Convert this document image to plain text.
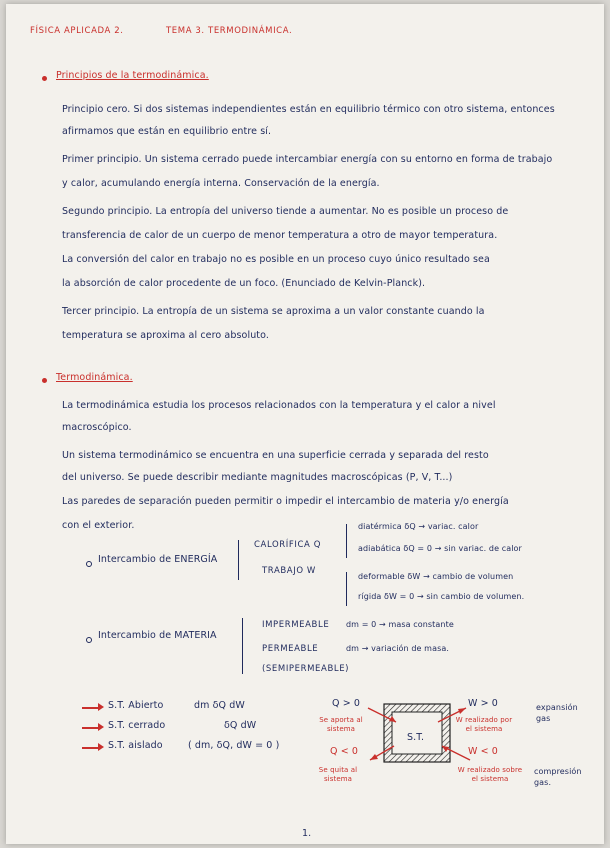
FÍSICA APLICADA 2.	TEMA 3. TERMODINÁMICA.
Principios de la termodinámica.
Principio cero. Si dos sistemas independientes están en equilibrio térmico con otro sistema, entonces
afirmamos que están en equilibrio entre sí.
Primer principio. Un sistema cerrado puede intercambiar energía con su entorno en forma de trabajo
y calor, acumulando energía interna. Conservación de la energía.
Segundo principio. La entropía del universo tiende a aumentar. No es posible un proceso de
transferencia de calor de un cuerpo de menor temperatura a otro de mayor temperatura.
La conversión del calor en trabajo no es posible en un proceso cuyo único resultado sea
la absorción de calor procedente de un foco. (Enunciado de Kelvin-Planck).
Tercer principio. La entropía de un sistema se aproxima a un valor constante cuando la
temperatura se aproxima al cero absoluto.
Termodinámica.
La termodinámica estudia los procesos relacionados con la temperatura y el calor a nivel
macroscópico.
Un sistema termodinámico se encuentra en una superficie cerrada y separada del resto
del universo. Se puede describir mediante magnitudes macroscópicas (P, V, T...)
Las paredes de separación pueden permitir o impedir el intercambio de materia y/o energía
con el exterior.
Intercambio de ENERGÍA
CALORÍFICA Q
TRABAJO W
diatérmica δQ → variac. calor
adiabática δQ = 0 → sin variac. de calor
deformable δW → cambio de volumen
rígida δW = 0 → sin cambio de volumen.
Intercambio de MATERIA
IMPERMEABLE
PERMEABLE
(SEMIPERMEABLE)
dm = 0 → masa constante
dm → variación de masa.
S.T. Abierto	dm δQ dW
S.T. cerrado	δQ dW
S.T. aislado	( dm, δQ, dW = 0 )
Q > 0
Se aporta al sistema
Q < 0
Se quita al sistema
S.T.
W > 0
W realizado por el sistema
W < 0
W realizado sobre el sistema
expansión gas
compresión gas.
1.
